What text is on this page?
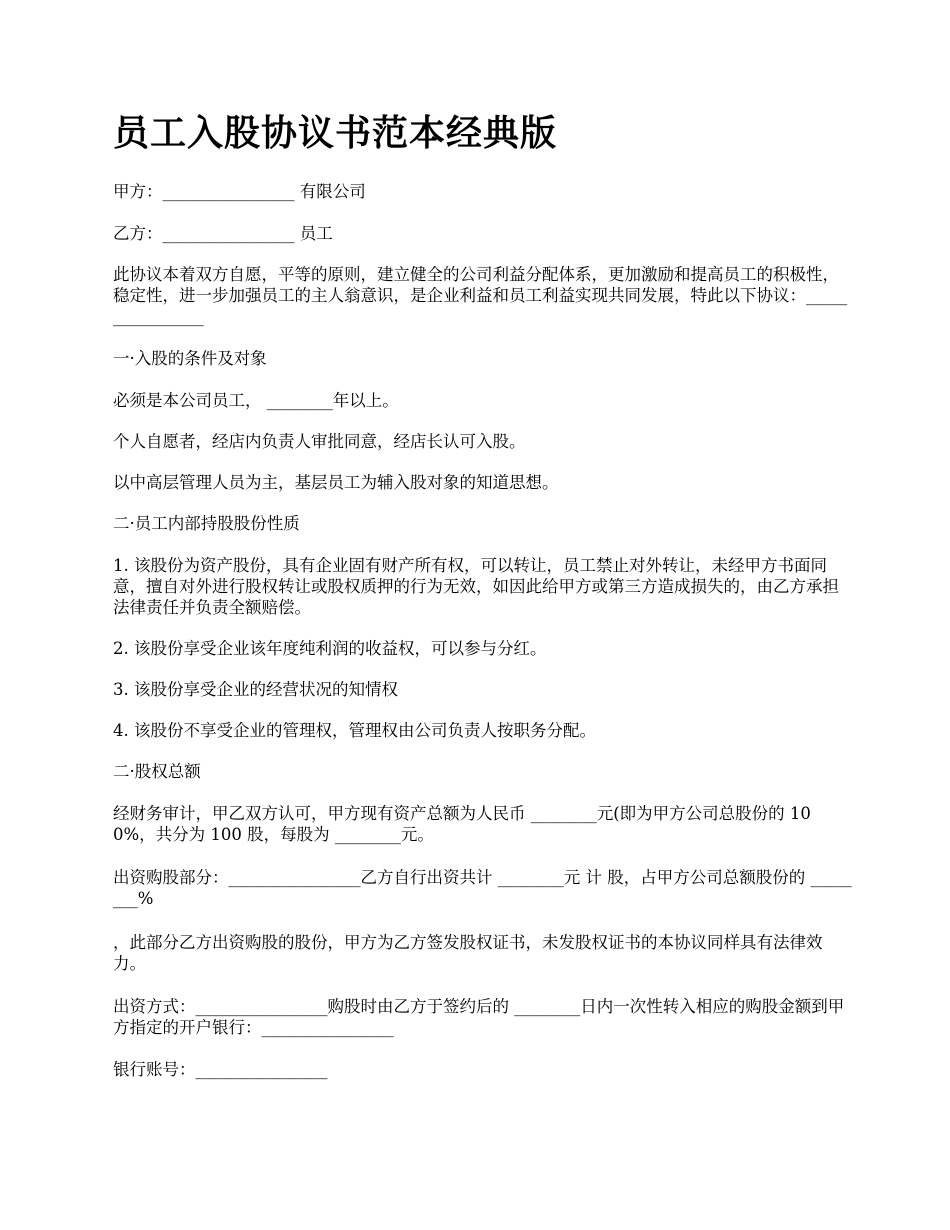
员工入股协议书范本经典版

甲方：________________ 有限公司

乙方：________________ 员工

此协议本着双方自愿，平等的原则，建立健全的公司利益分配体系，更加激励和提高员工的积极性，稳定性，进一步加强员工的主人翁意识，是企业利益和员工利益实现共同发展，特此以下协议：________________

一·入股的条件及对象

必须是本公司员工， ________年以上。

个人自愿者，经店内负责人审批同意，经店长认可入股。

以中高层管理人员为主，基层员工为辅入股对象的知道思想。

二·员工内部持股股份性质

1. 该股份为资产股份，具有企业固有财产所有权，可以转让，员工禁止对外转让，未经甲方书面同意，擅自对外进行股权转让或股权质押的行为无效，如因此给甲方或第三方造成损失的，由乙方承担法律责任并负责全额赔偿。

2. 该股份享受企业该年度纯利润的收益权，可以参与分红。

3. 该股份享受企业的经营状况的知情权

4. 该股份不享受企业的管理权，管理权由公司负责人按职务分配。

二·股权总额

经财务审计，甲乙双方认可，甲方现有资产总额为人民币 ________元(即为甲方公司总股份的 100%，共分为 100 股，每股为 ________元。

出资购股部分：________________乙方自行出资共计 ________元 计 股，占甲方公司总额股份的 ________%

，此部分乙方出资购股的股份，甲方为乙方签发股权证书，未发股权证书的本协议同样具有法律效力。

出资方式：________________购股时由乙方于签约后的 ________日内一次性转入相应的购股金额到甲方指定的开户银行：________________

银行账号：________________
